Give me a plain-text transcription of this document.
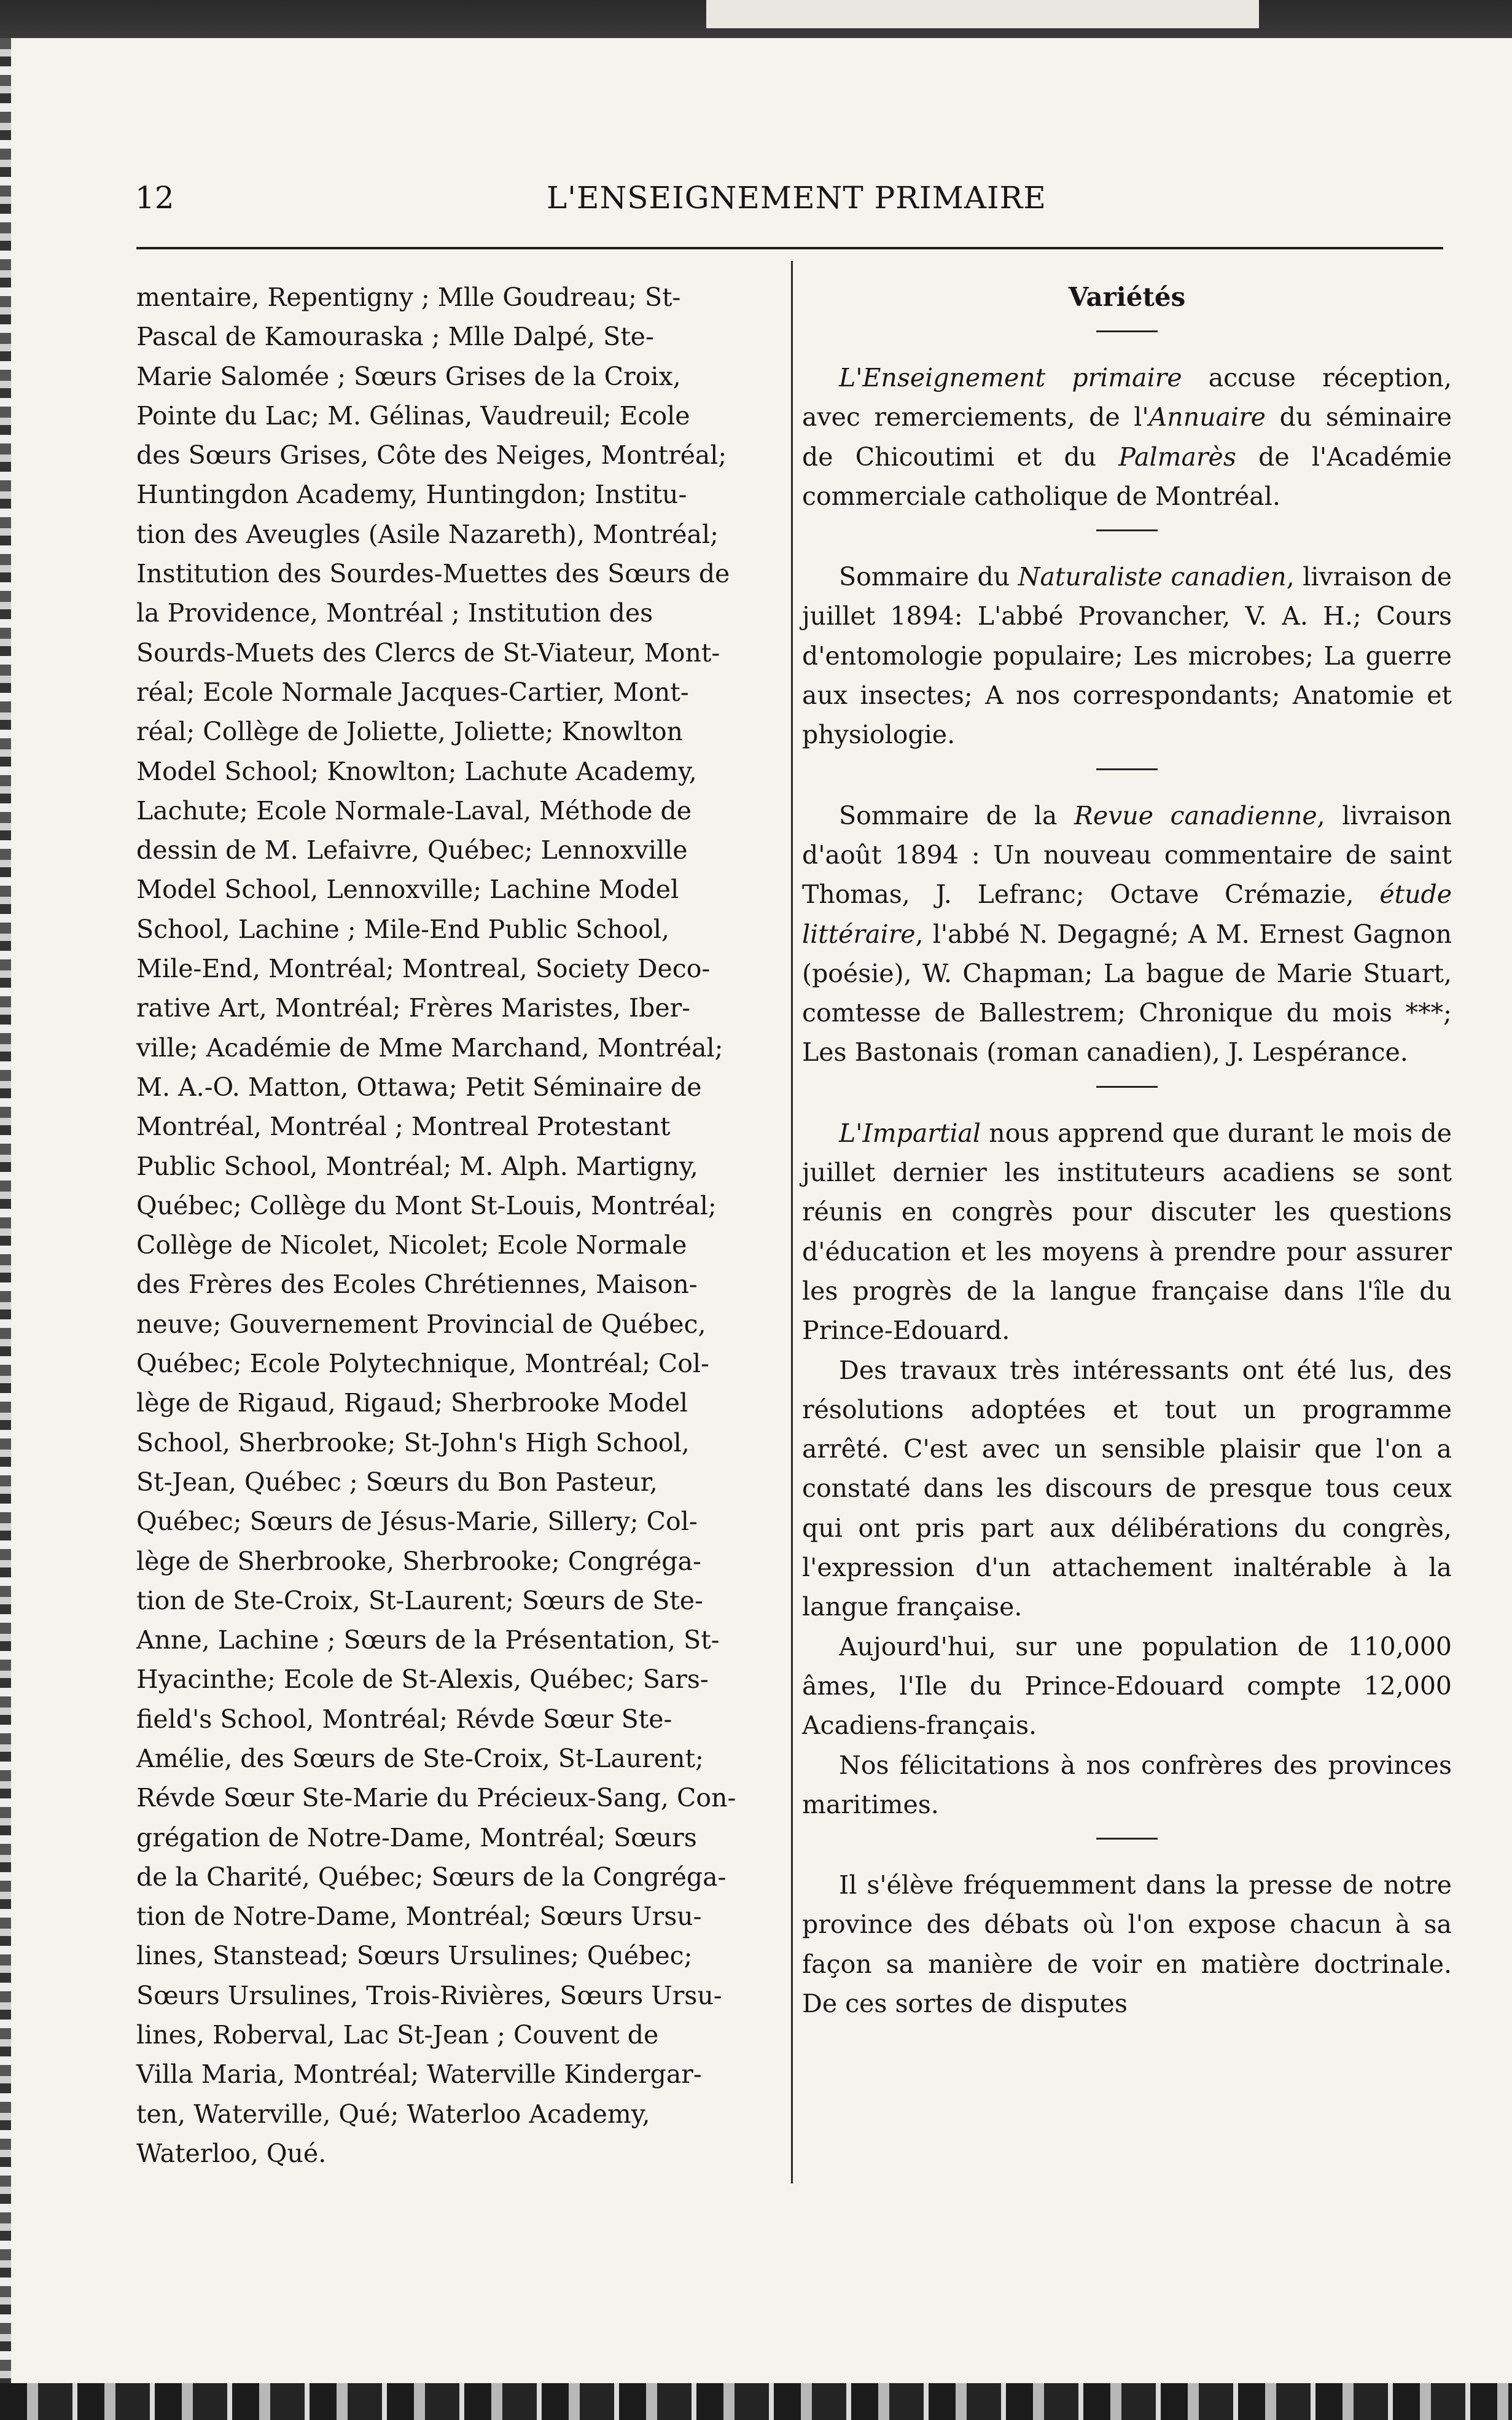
12	L'ENSEIGNEMENT PRIMAIRE
mentaire, Repentigny ; Mlle Goudreau; St-
Pascal de Kamouraska ; Mlle Dalpé, Ste-
Marie Salomée ; Sœurs Grises de la Croix,
Pointe du Lac; M. Gélinas, Vaudreuil; Ecole
des Sœurs Grises, Côte des Neiges, Montréal;
Huntingdon Academy, Huntingdon; Institu-
tion des Aveugles (Asile Nazareth), Montréal;
Institution des Sourdes-Muettes des Sœurs de
la Providence, Montréal ; Institution des
Sourds-Muets des Clercs de St-Viateur, Mont-
réal; Ecole Normale Jacques-Cartier, Mont-
réal; Collège de Joliette, Joliette; Knowlton
Model School; Knowlton; Lachute Academy,
Lachute; Ecole Normale-Laval, Méthode de
dessin de M. Lefaivre, Québec; Lennoxville
Model School, Lennoxville; Lachine Model
School, Lachine ; Mile-End Public School,
Mile-End, Montréal; Montreal, Society Deco-
rative Art, Montréal; Frères Maristes, Iber-
ville; Académie de Mme Marchand, Montréal;
M. A.-O. Matton, Ottawa; Petit Séminaire de
Montréal, Montréal ; Montreal Protestant
Public School, Montréal; M. Alph. Martigny,
Québec; Collège du Mont St-Louis, Montréal;
Collège de Nicolet, Nicolet; Ecole Normale
des Frères des Ecoles Chrétiennes, Maison-
neuve; Gouvernement Provincial de Québec,
Québec; Ecole Polytechnique, Montréal; Col-
lège de Rigaud, Rigaud; Sherbrooke Model
School, Sherbrooke; St-John's High School,
St-Jean, Québec ; Sœurs du Bon Pasteur,
Québec; Sœurs de Jésus-Marie, Sillery; Col-
lège de Sherbrooke, Sherbrooke; Congréga-
tion de Ste-Croix, St-Laurent; Sœurs de Ste-
Anne, Lachine ; Sœurs de la Présentation, St-
Hyacinthe; Ecole de St-Alexis, Québec; Sars-
field's School, Montréal; Révde Sœur Ste-
Amélie, des Sœurs de Ste-Croix, St-Laurent;
Révde Sœur Ste-Marie du Précieux-Sang, Con-
grégation de Notre-Dame, Montréal; Sœurs
de la Charité, Québec; Sœurs de la Congréga-
tion de Notre-Dame, Montréal; Sœurs Ursu-
lines, Stanstead; Sœurs Ursulines; Québec;
Sœurs Ursulines, Trois-Rivières, Sœurs Ursu-
lines, Roberval, Lac St-Jean ; Couvent de
Villa Maria, Montréal; Waterville Kindergar-
ten, Waterville, Qué; Waterloo Academy,
Waterloo, Qué.
Variétés

L'Enseignement primaire accuse réception, avec remerciements, de l'Annuaire du séminaire de Chicoutimi et du Palmarès de l'Académie commerciale catholique de Montréal.

Sommaire du Naturaliste canadien, livraison de juillet 1894: L'abbé Provancher, V. A. H.; Cours d'entomologie populaire; Les microbes; La guerre aux insectes; A nos correspondants; Anatomie et physiologie.

Sommaire de la Revue canadienne, livraison d'août 1894 : Un nouveau commentaire de saint Thomas, J. Lefranc; Octave Crémazie, étude littéraire, l'abbé N. Degagné; A M. Ernest Gagnon (poésie), W. Chapman; La bague de Marie Stuart, comtesse de Ballestrem; Chronique du mois ***; Les Bastonais (roman canadien), J. Lespérance.

L'Impartial nous apprend que durant le mois de juillet dernier les instituteurs acadiens se sont réunis en congrès pour discuter les questions d'éducation et les moyens à prendre pour assurer les progrès de la langue française dans l'île du Prince-Edouard.

Des travaux très intéressants ont été lus, des résolutions adoptées et tout un programme arrêté. C'est avec un sensible plaisir que l'on a constaté dans les discours de presque tous ceux qui ont pris part aux délibérations du congrès, l'expression d'un attachement inaltérable à la langue française.

Aujourd'hui, sur une population de 110,000 âmes, l'Ile du Prince-Edouard compte 12,000 Acadiens-français.

Nos félicitations à nos confrères des provinces maritimes.

Il s'élève fréquemment dans la presse de notre province des débats où l'on expose chacun à sa façon sa manière de voir en matière doctrinale. De ces sortes de disputes
